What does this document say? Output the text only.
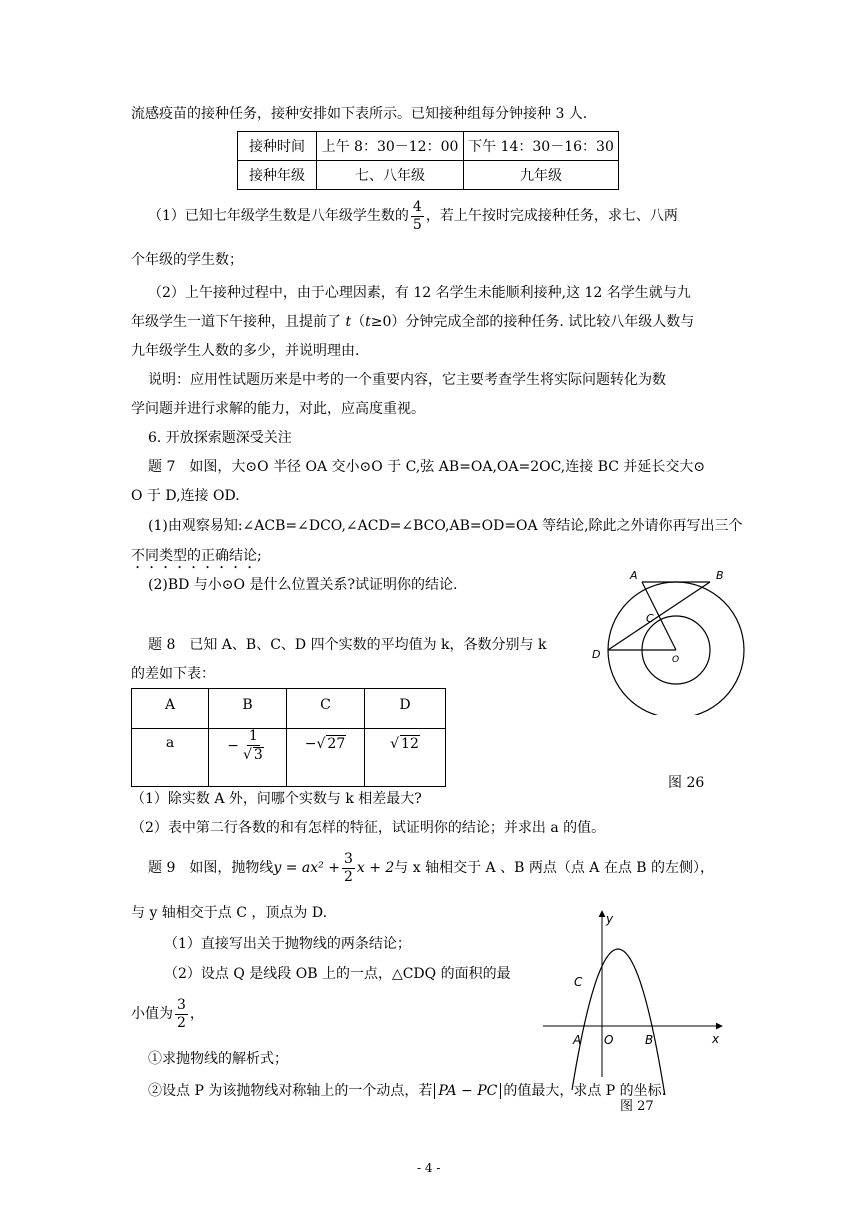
流感疫苗的接种任务，接种安排如下表所示。已知接种组每分钟接种 3 人.
接种时间	上午 8：30－12：00	下午 14：30－16：30
接种年级	七、八年级	九年级
（1）已知七年级学生数是八年级学生数的 $\frac{4}{5}$ ，若上午按时完成接种任务，求七、八两
个年级的学生数；
（2）上午接种过程中，由于心理因素，有 12 名学生未能顺利接种,这 12 名学生就与九
年级学生一道下午接种，且提前了 t（t≥0）分钟完成全部的接种任务. 试比较八年级人数与
九年级学生人数的多少，并说明理由.
说明：应用性试题历来是中考的一个重要内容，它主要考查学生将实际问题转化为数
学问题并进行求解的能力，对此，应高度重视。
6. 开放探索题深受关注
题 7　如图，大⊙O 半径 OA 交小⊙O 于 C,弦 AB=OA,OA=2OC,连接 BC 并延长交大⊙
O 于 D,连接 OD.
(1)由观察易知:∠ACB=∠DCO,∠ACD=∠BCO,AB=OD=OA 等结论,除此之外请你再写出三个
不同类型的正确结论;
(2)BD 与小⊙O 是什么位置关系?试证明你的结论.
A	B
C
D	O
图 26
题 8　已知 A、B、C、D 四个实数的平均值为 k，各数分别与 k
的差如下表：
A	B	C	D
a	− $\frac{1}{√ 3}$	−√ 27	√ 12
（1）除实数 A 外，问哪个实数与 k 相差最大?
（2）表中第二行各数的和有怎样的特征，试证明你的结论；并求出 a 的值。
题 9　如图，抛物线 $y = ax^2 + \frac{3}{2}$ x + 2 与 x 轴相交于 A 、B 两点（点 A 在点 B 的左侧），
与 y 轴相交于点 C ，顶点为 D.
（1）直接写出关于抛物线的两条结论；
（2）设点 Q 是线段 OB 上的一点，△CDQ 的面积的最
小值为 $\frac{3}{2}$ ，
①求抛物线的解析式；
②设点 P 为该抛物线对称轴上的一个动点，若 PA − PC 的值最大，求点 P 的坐标.
y
x
C
A O	B
图 27
- 4 -
